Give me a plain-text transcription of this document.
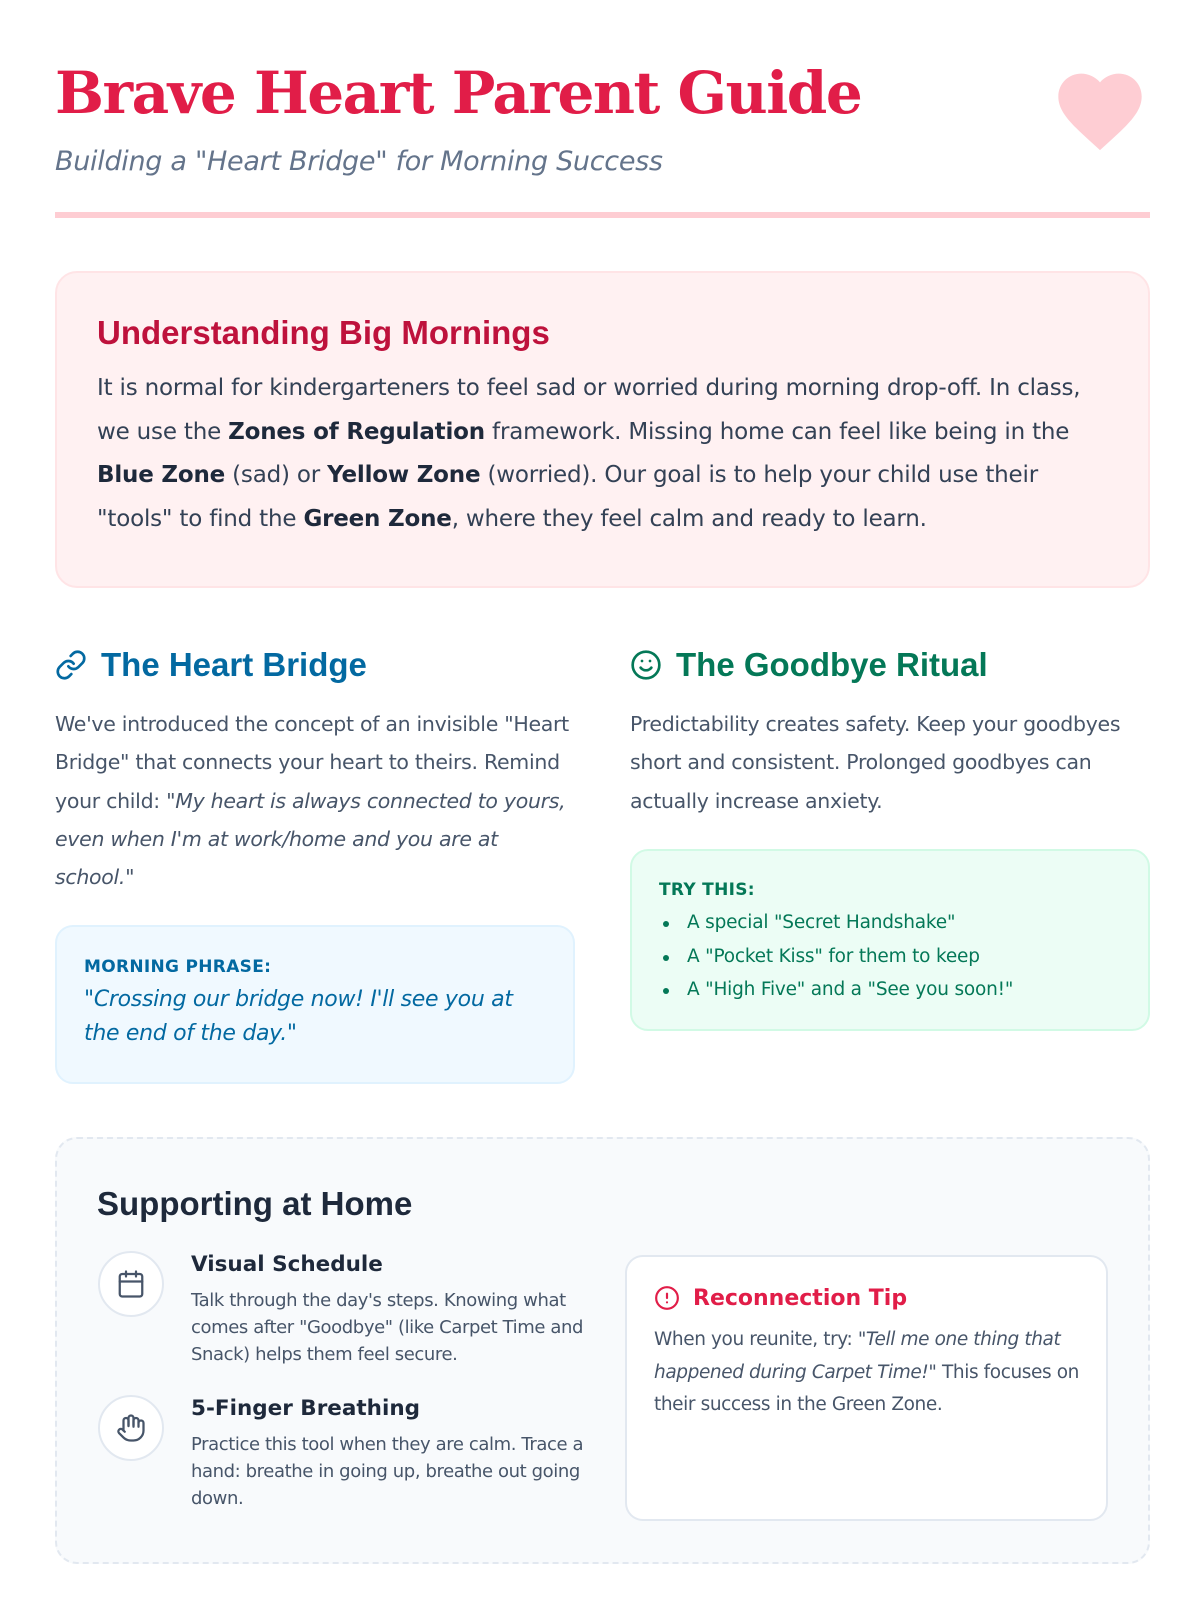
Brave Heart Parent Guide
Building a "Heart Bridge" for Morning Success
Understanding Big Mornings

It is normal for kindergarteners to feel sad or worried during morning drop-off. In class, we use the Zones of Regulation framework. Missing home can feel like being in the Blue Zone (sad) or Yellow Zone (worried). Our goal is to help your child use their "tools" to find the Green Zone, where they feel calm and ready to learn.

The Heart Bridge

We've introduced the concept of an invisible "Heart Bridge" that connects your heart to theirs. Remind your child: "My heart is always connected to yours, even when I'm at work/home and you are at school."

MORNING PHRASE:
"Crossing our bridge now! I'll see you at the end of the day."
The Goodbye Ritual

Predictability creates safety. Keep your goodbyes short and consistent. Prolonged goodbyes can actually increase anxiety.

TRY THIS:
A special "Secret Handshake"
A "Pocket Kiss" for them to keep
A "High Five" and a "See you soon!"
Supporting at Home
Visual Schedule

Talk through the day's steps. Knowing what comes after "Goodbye" (like Carpet Time and Snack) helps them feel secure.

5-Finger Breathing

Practice this tool when they are calm. Trace a hand: breathe in going up, breathe out going down.

Reconnection Tip

When you reunite, try: "Tell me one thing that happened during Carpet Time!" This focuses on their success in the Green Zone.
